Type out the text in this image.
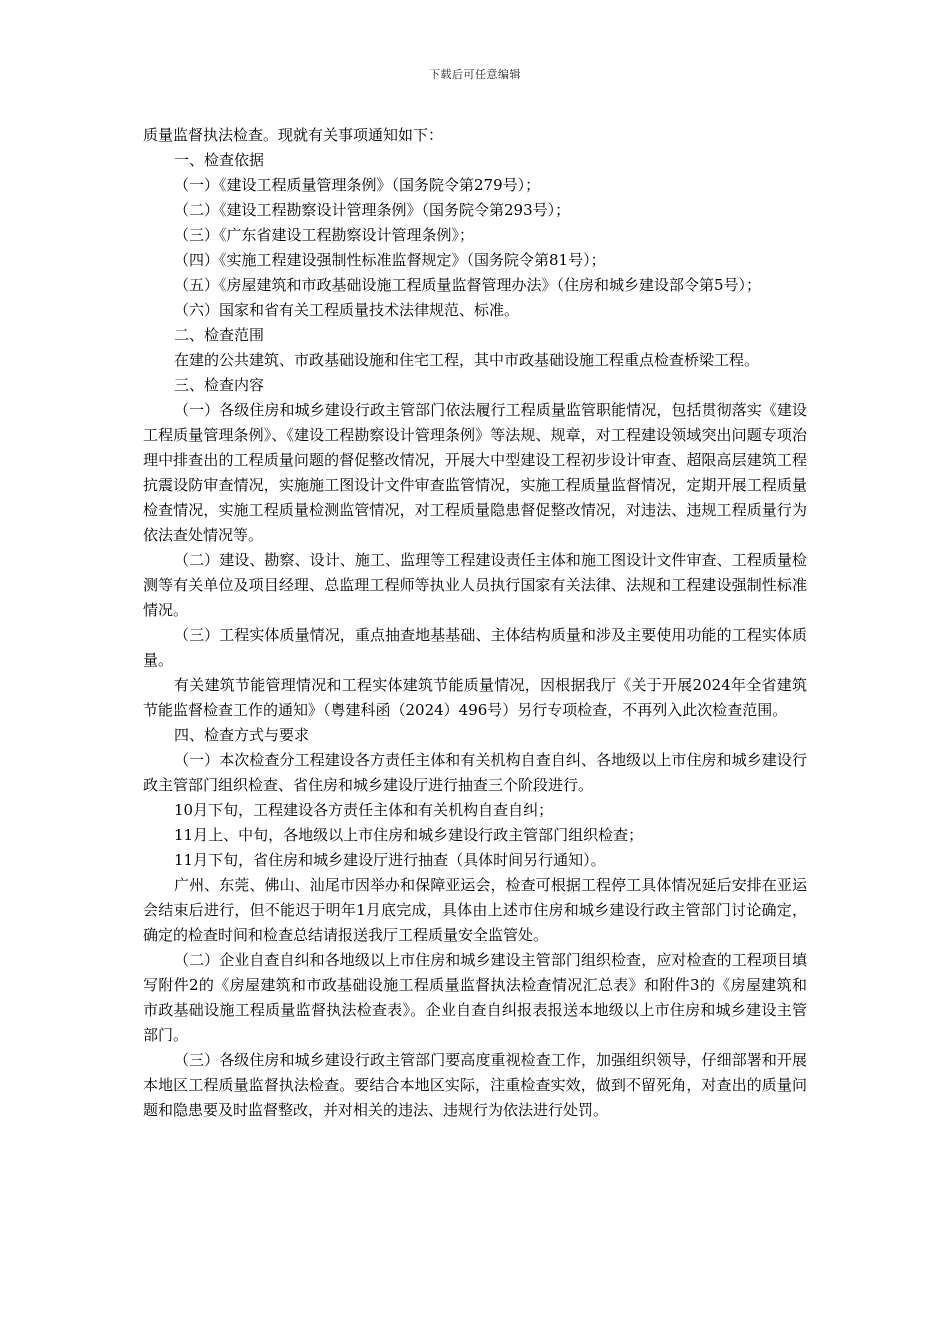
下载后可任意编辑

质量监督执法检查。现就有关事项通知如下：

一、检查依据

（一）《建设工程质量管理条例》（国务院令第279号）；

（二）《建设工程勘察设计管理条例》（国务院令第293号）；

（三）《广东省建设工程勘察设计管理条例》；

（四）《实施工程建设强制性标准监督规定》（国务院令第81号）；

（五）《房屋建筑和市政基础设施工程质量监督管理办法》（住房和城乡建设部令第5号）；

（六）国家和省有关工程质量技术法律规范、标准。

二、检查范围

在建的公共建筑、市政基础设施和住宅工程，其中市政基础设施工程重点检查桥梁工程。

三、检查内容

（一）各级住房和城乡建设行政主管部门依法履行工程质量监管职能情况，包括贯彻落实《建设工程质量管理条例》、《建设工程勘察设计管理条例》等法规、规章，对工程建设领域突出问题专项治理中排查出的工程质量问题的督促整改情况，开展大中型建设工程初步设计审查、超限高层建筑工程抗震设防审查情况，实施施工图设计文件审查监管情况，实施工程质量监督情况，定期开展工程质量检查情况，实施工程质量检测监管情况，对工程质量隐患督促整改情况，对违法、违规工程质量行为依法查处情况等。

（二）建设、勘察、设计、施工、监理等工程建设责任主体和施工图设计文件审查、工程质量检测等有关单位及项目经理、总监理工程师等执业人员执行国家有关法律、法规和工程建设强制性标准情况。

（三）工程实体质量情况，重点抽查地基基础、主体结构质量和涉及主要使用功能的工程实体质量。

有关建筑节能管理情况和工程实体建筑节能质量情况，因根据我厅《关于开展2024年全省建筑节能监督检查工作的通知》（粤建科函（2024）496号）另行专项检查，不再列入此次检查范围。

四、检查方式与要求

（一）本次检查分工程建设各方责任主体和有关机构自查自纠、各地级以上市住房和城乡建设行政主管部门组织检查、省住房和城乡建设厅进行抽查三个阶段进行。

10月下旬，工程建设各方责任主体和有关机构自查自纠；

11月上、中旬，各地级以上市住房和城乡建设行政主管部门组织检查；

11月下旬，省住房和城乡建设厅进行抽查（具体时间另行通知）。

广州、东莞、佛山、汕尾市因举办和保障亚运会，检查可根据工程停工具体情况延后安排在亚运会结束后进行，但不能迟于明年1月底完成，具体由上述市住房和城乡建设行政主管部门讨论确定，确定的检查时间和检查总结请报送我厅工程质量安全监管处。

（二）企业自查自纠和各地级以上市住房和城乡建设主管部门组织检查，应对检查的工程项目填写附件2的《房屋建筑和市政基础设施工程质量监督执法检查情况汇总表》和附件3的《房屋建筑和市政基础设施工程质量监督执法检查表》。企业自查自纠报表报送本地级以上市住房和城乡建设主管部门。

（三）各级住房和城乡建设行政主管部门要高度重视检查工作，加强组织领导，仔细部署和开展本地区工程质量监督执法检查。要结合本地区实际，注重检查实效，做到不留死角，对查出的质量问题和隐患要及时监督整改，并对相关的违法、违规行为依法进行处罚。
